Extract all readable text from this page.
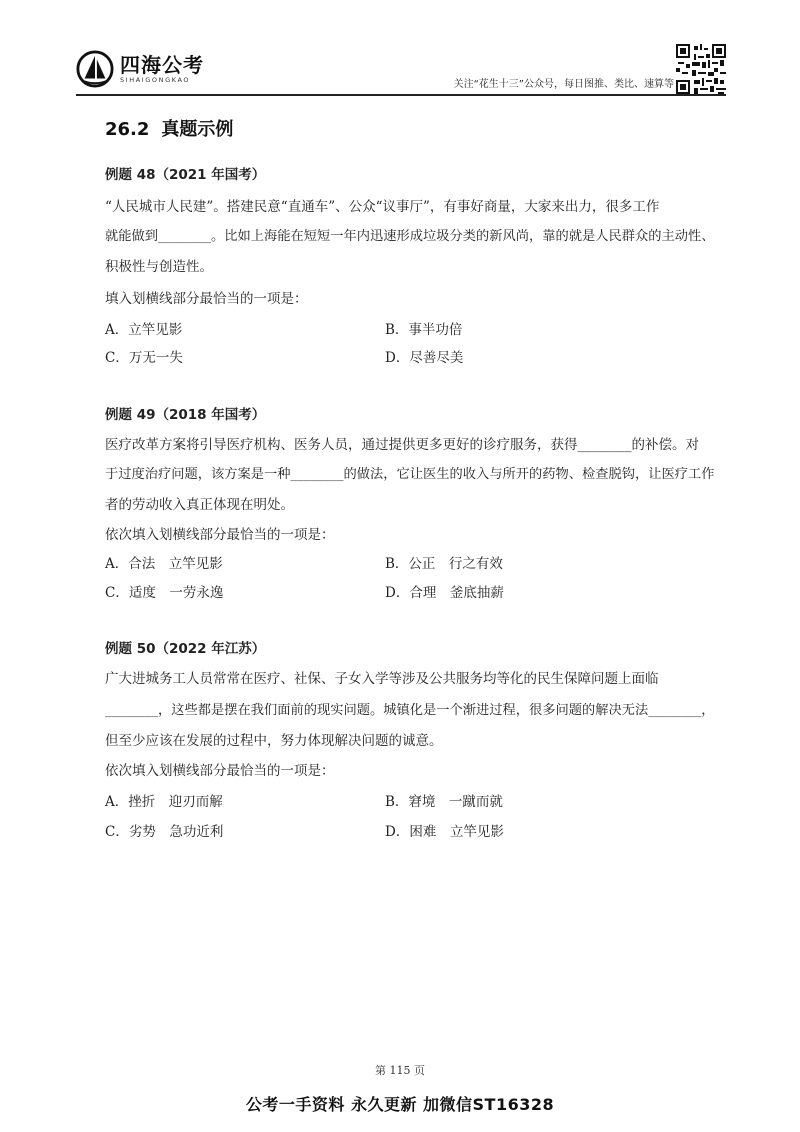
四海公考
SIHAIGONGKAO	关注“花生十三”公众号，每日图推、类比、速算等
26.2 真题示例
例题 48（2021 年国考）
“人民城市人民建”。搭建民意“直通车”、公众“议事厅”，有事好商量，大家来出力，很多工作
就能做到________。比如上海能在短短一年内迅速形成垃圾分类的新风尚，靠的就是人民群众的主动性、
积极性与创造性。
填入划横线部分最恰当的一项是：
A．立竿见影	B．事半功倍
C．万无一失	D．尽善尽美
例题 49（2018 年国考）
医疗改革方案将引导医疗机构、医务人员，通过提供更多更好的诊疗服务，获得________的补偿。对
于过度治疗问题，该方案是一种________的做法，它让医生的收入与所开的药物、检查脱钩，让医疗工作
者的劳动收入真正体现在明处。
依次填入划横线部分最恰当的一项是：
A．合法　立竿见影	B．公正　行之有效
C．适度　一劳永逸	D．合理　釜底抽薪
例题 50（2022 年江苏）
广大进城务工人员常常在医疗、社保、子女入学等涉及公共服务均等化的民生保障问题上面临
________，这些都是摆在我们面前的现实问题。城镇化是一个渐进过程，很多问题的解决无法________，
但至少应该在发展的过程中，努力体现解决问题的诚意。
依次填入划横线部分最恰当的一项是：
A．挫折　迎刃而解	B．窘境　一蹴而就
C．劣势　急功近利	D．困难　立竿见影
第 115 页
公考一手资料 永久更新 加微信ST16328
